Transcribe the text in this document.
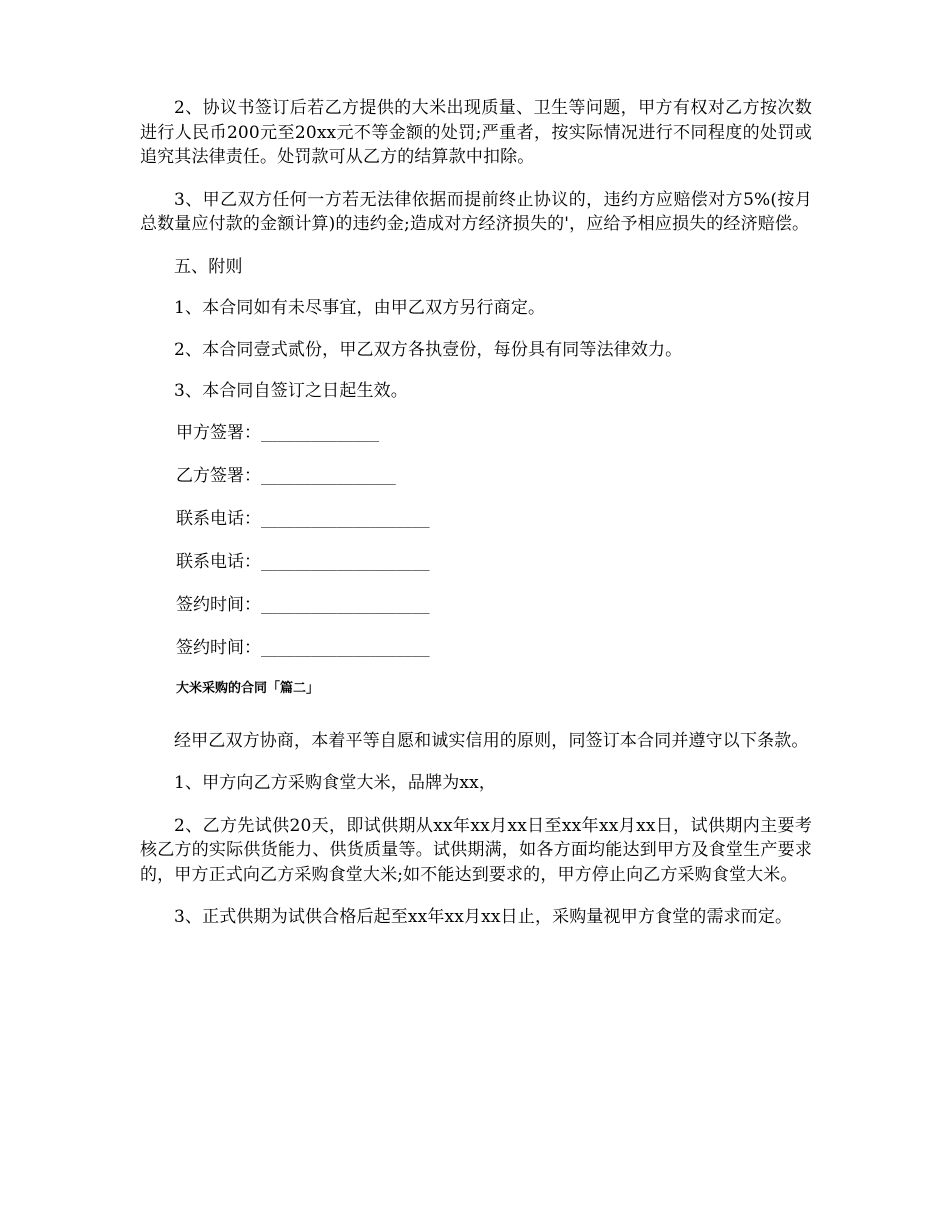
2、协议书签订后若乙方提供的大米出现质量、卫生等问题，甲方有权对乙方按次数进行人民币200元至20xx元不等金额的处罚;严重者，按实际情况进行不同程度的处罚或追究其法律责任。处罚款可从乙方的结算款中扣除。

3、甲乙双方任何一方若无法律依据而提前终止协议的，违约方应赔偿对方5%(按月总数量应付款的金额计算)的违约金;造成对方经济损失的'，应给予相应损失的经济赔偿。

五、附则

1、本合同如有未尽事宜，由甲乙双方另行商定。

2、本合同壹式贰份，甲乙双方各执壹份，每份具有同等法律效力。

3、本合同自签订之日起生效。

甲方签署：______________
乙方签署：________________
联系电话：____________________
联系电话：____________________
签约时间：____________________
签约时间：____________________
大米采购的合同「篇二」

经甲乙双方协商，本着平等自愿和诚实信用的原则，同签订本合同并遵守以下条款。

1、甲方向乙方采购食堂大米，品牌为xx，

2、乙方先试供20天，即试供期从xx年xx月xx日至xx年xx月xx日，试供期内主要考核乙方的实际供货能力、供货质量等。试供期满，如各方面均能达到甲方及食堂生产要求的，甲方正式向乙方采购食堂大米;如不能达到要求的，甲方停止向乙方采购食堂大米。

3、正式供期为试供合格后起至xx年xx月xx日止，采购量视甲方食堂的需求而定。
